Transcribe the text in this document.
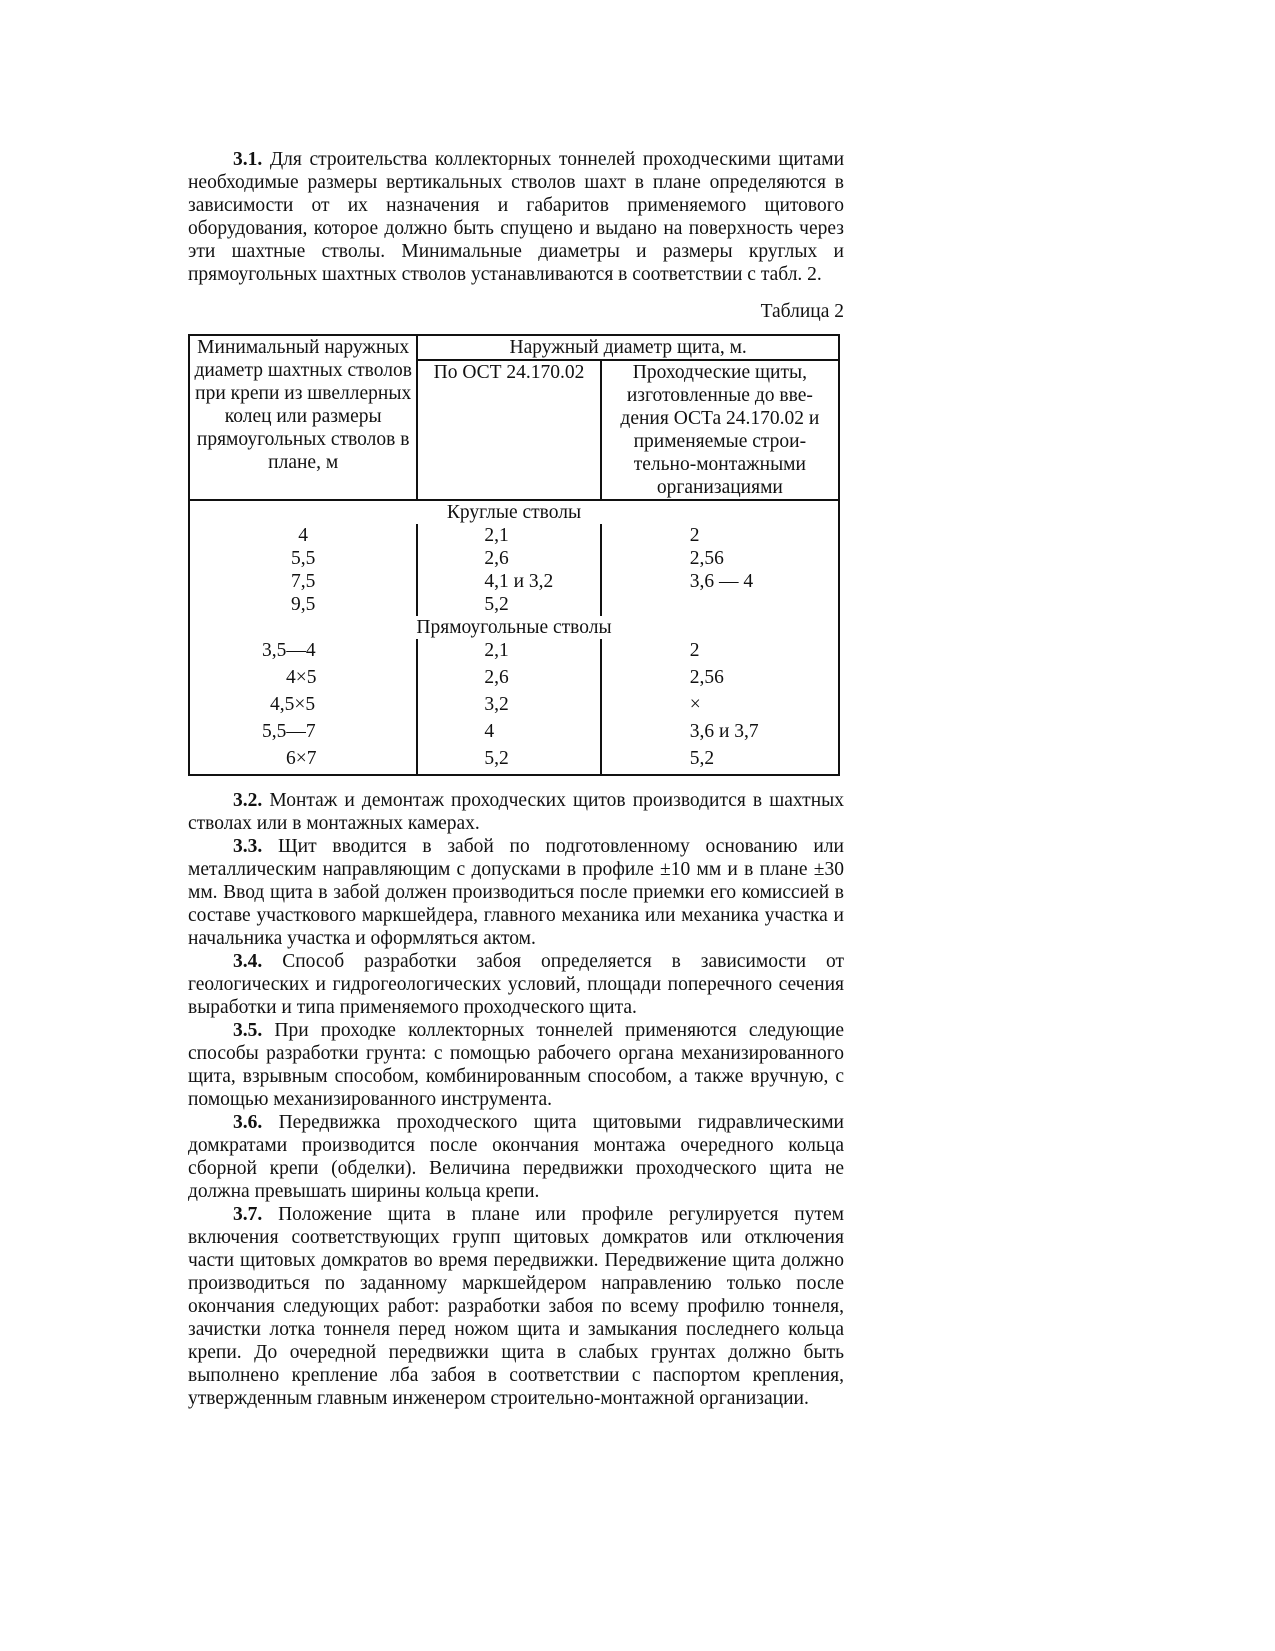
3.1. Для строительства коллекторных тоннелей проходческими щитами необходимые размеры вертикальных стволов шахт в плане определяются в зависимости от их назначения и габаритов применяемого щитового оборудования, которое должно быть спущено и выдано на поверхность через эти шахтные стволы. Минимальные диаметры и размеры круглых и прямоугольных шахтных стволов устанавливаются в соответствии с табл. 2.

Таблица 2
Минимальный наружных диаметр шахтных стволов при крепи из швеллерных колец или размеры прямоугольных стволов в плане, м	Наружный диаметр щита, м.	
	По ОСТ 24.170.02	Проходческие щиты, изготовленные до вве-дения ОСТа 24.170.02 и применяемые строи-тельно-монтажными организациями
Круглые стволы		
4	2,1	2
5,5	2,6	2,56
7,5	4,1 и 3,2	3,6 — 4
9,5	5,2	
Прямоугольные стволы		
3,5—4	2,1	2
4×5	2,6	2,56
4,5×5	3,2	×
5,5—7	4	3,6 и 3,7
6×7	5,2	5,2

3.2. Монтаж и демонтаж проходческих щитов производится в шахтных стволах или в монтажных камерах.

3.3. Щит вводится в забой по подготовленному основанию или металлическим направляющим с допусками в профиле ±10 мм и в плане ±30 мм. Ввод щита в забой должен производиться после приемки его комиссией в составе участкового маркшейдера, главного механика или механика участка и начальника участка и оформляться актом.

3.4. Способ разработки забоя определяется в зависимости от геологических и гидрогеологических условий, площади поперечного сечения выработки и типа применяемого проходческого щита.

3.5. При проходке коллекторных тоннелей применяются следующие способы разработки грунта: с помощью рабочего органа механизированного щита, взрывным способом, комбинированным способом, а также вручную, с помощью механизированного инструмента.

3.6. Передвижка проходческого щита щитовыми гидравлическими домкратами производится после окончания монтажа очередного кольца сборной крепи (обделки). Величина передвижки проходческого щита не должна превышать ширины кольца крепи.

3.7. Положение щита в плане или профиле регулируется путем включения соответствующих групп щитовых домкратов или отключения части щитовых домкратов во время передвижки. Передвижение щита должно производиться по заданному маркшейдером направлению только после окончания следующих работ: разработки забоя по всему профилю тоннеля, зачистки лотка тоннеля перед ножом щита и замыкания последнего кольца крепи. До очередной передвижки щита в слабых грунтах должно быть выполнено крепление лба забоя в соответствии с паспортом крепления, утвержденным главным инженером строительно-монтажной организации.
